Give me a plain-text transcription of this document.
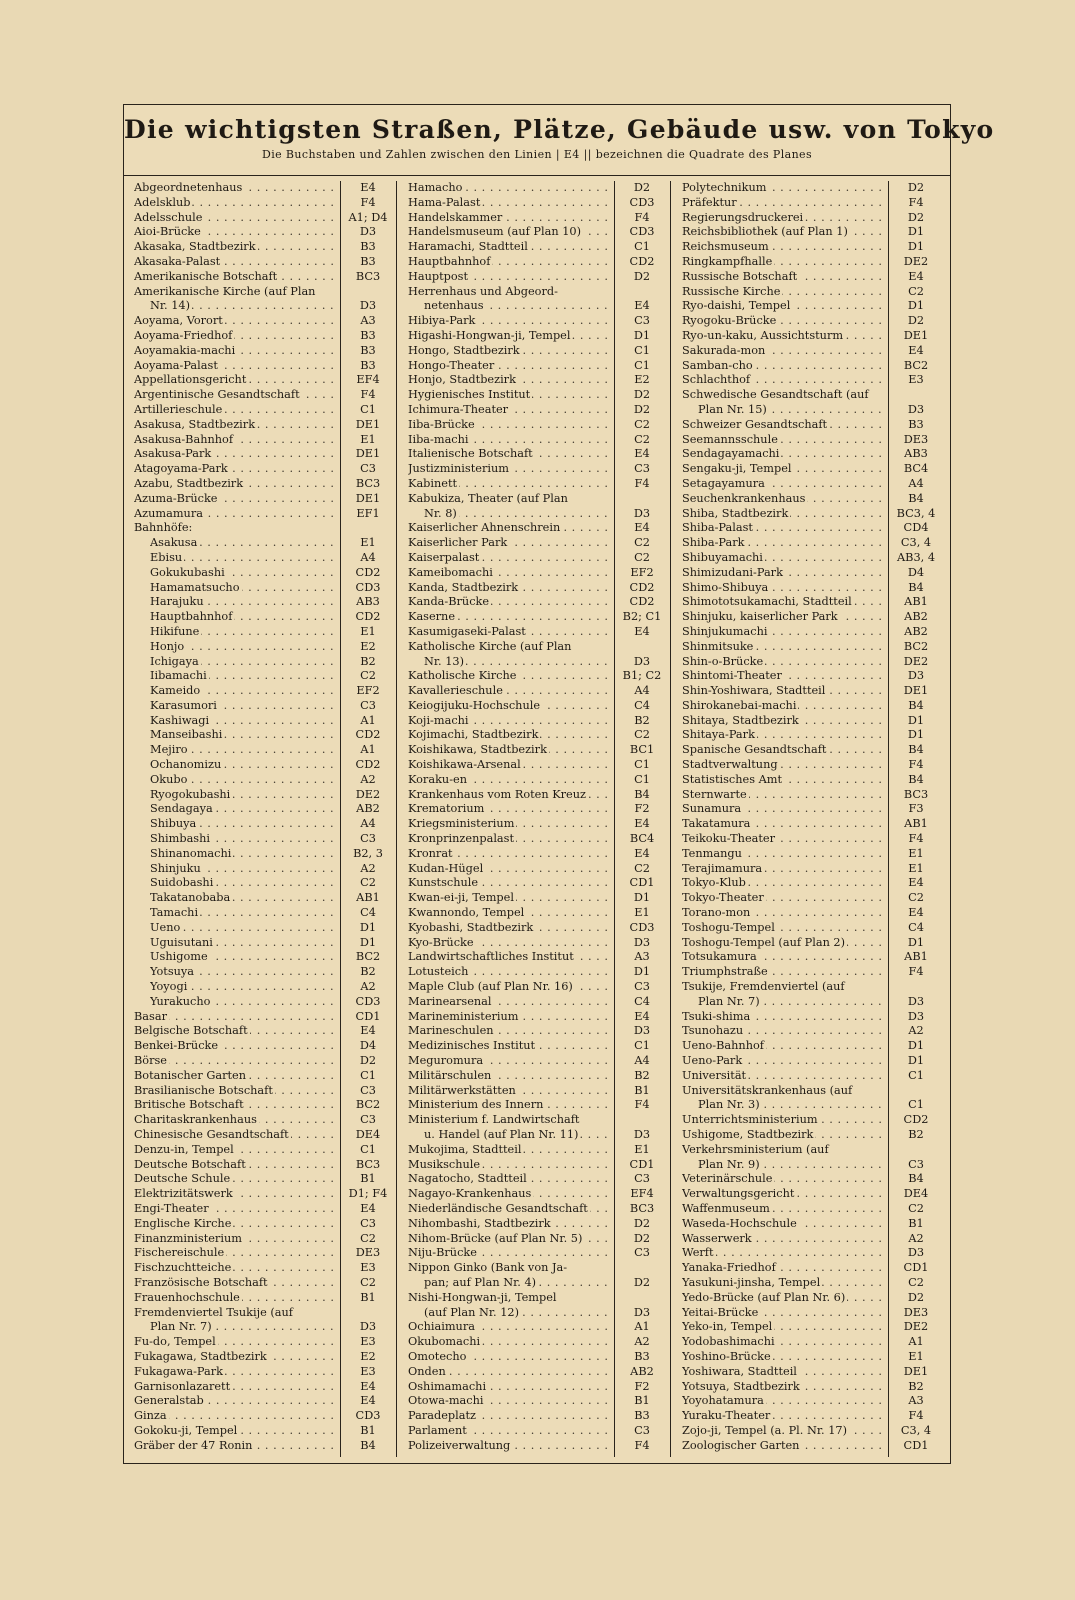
Die wichtigsten Straßen, Plätze, Gebäude usw. von Tokyo
Die Buchstaben und Zahlen zwischen den Linien | E4 || bezeichnen die Quadrate des Planes
Abgeordnetenhaus . . .	E4
Adelsklub . . .	F4
Adelsschule . . .	A1; D4
Aioi-Brücke . . .	D3
Akasaka, Stadtbezirk . . .	B3
Akasaka-Palast . . .	B3
Amerikanische Botschaft . . .	BC3
Amerikanische Kirche (auf Plan
Nr. 14) . . .	D3
Aoyama, Vorort . . .	A3
Aoyama-Friedhof . . .	B3
Aoyamakia-machi . . .	B3
Aoyama-Palast . . .	B3
Appellationsgericht . . .	EF4
Argentinische Gesandtschaft . . .	F4
Artillerieschule . . .	C1
Asakusa, Stadtbezirk . . .	DE1
Asakusa-Bahnhof . . .	E1
Asakusa-Park . . .	DE1
Atagoyama-Park . . .	C3
Azabu, Stadtbezirk . . .	BC3
Azuma-Brücke . . .	DE1
Azumamura . . .	EF1
Bahnhöfe:
Asakusa . . .	E1
Ebisu . . .	A4
Gokukubashi . . .	CD2
Hamamatsucho . . .	CD3
Harajuku . . .	AB3
Hauptbahnhof . . .	CD2
Hikifune . . .	E1
Honjo . . .	E2
Ichigaya . . .	B2
Iibamachi . . .	C2
Kameido . . .	EF2
Karasumori . . .	C3
Kashiwagi . . .	A1
Manseibashi . . .	CD2
Mejiro . . .	A1
Ochanomizu . . .	CD2
Okubo . . .	A2
Ryogokubashi . . .	DE2
Sendagaya . . .	AB2
Shibuya . . .	A4
Shimbashi . . .	C3
Shinanomachi . . .	B2, 3
Shinjuku . . .	A2
Suidobashi . . .	C2
Takatanobaba . . .	AB1
Tamachi . . .	C4
Ueno . . .	D1
Uguisutani . . .	D1
Ushigome . . .	BC2
Yotsuya . . .	B2
Yoyogi . . .	A2
Yurakucho . . .	CD3
Basar . . .	CD1
Belgische Botschaft . . .	E4
Benkei-Brücke . . .	D4
Börse . . .	D2
Botanischer Garten . . .	C1
Brasilianische Botschaft . . .	C3
Britische Botschaft . . .	BC2
Charitaskrankenhaus . . .	C3
Chinesische Gesandtschaft . . .	DE4
Denzu-in, Tempel . . .	C1
Deutsche Botschaft . . .	BC3
Deutsche Schule . . .	B1
Elektrizitätswerk . . .	D1; F4
Engi-Theater . . .	E4
Englische Kirche . . .	C3
Finanzministerium . . .	C2
Fischereischule . . .	DE3
Fischzuchtteiche . . .	E3
Französische Botschaft . . .	C2
Frauenhochschule . . .	B1
Fremdenviertel Tsukije (auf
Plan Nr. 7) . . .	D3
Fu-do, Tempel . . .	E3
Fukagawa, Stadtbezirk . . .	E2
Fukagawa-Park . . .	E3
Garnisonlazarett . . .	E4
Generalstab . . .	E4
Ginza . . .	CD3
Gokoku-ji, Tempel . . .	B1
Gräber der 47 Ronin . . .	B4
Hamacho . . .	D2
Hama-Palast . . .	CD3
Handelskammer . . .	F4
Handelsmuseum (auf Plan 10) . . .	CD3
Haramachi, Stadtteil . . .	C1
Hauptbahnhof . . .	CD2
Hauptpost . . .	D2
Herrenhaus und Abgeord-
netenhaus . . .	E4
Hibiya-Park . . .	C3
Higashi-Hongwan-ji, Tempel . . .	D1
Hongo, Stadtbezirk . . .	C1
Hongo-Theater . . .	C1
Honjo, Stadtbezirk . . .	E2
Hygienisches Institut . . .	D2
Ichimura-Theater . . .	D2
Iiba-Brücke . . .	C2
Iiba-machi . . .	C2
Italienische Botschaft . . .	E4
Justizministerium . . .	C3
Kabinett . . .	F4
Kabukiza, Theater (auf Plan
Nr. 8) . . .	D3
Kaiserlicher Ahnenschrein . . .	E4
Kaiserlicher Park . . .	C2
Kaiserpalast . . .	C2
Kameibomachi . . .	EF2
Kanda, Stadtbezirk . . .	CD2
Kanda-Brücke . . .	CD2
Kaserne . . .	B2; C1
Kasumigaseki-Palast . . .	E4
Katholische Kirche (auf Plan
Nr. 13) . . .	D3
Katholische Kirche . . .	B1; C2
Kavallerieschule . . .	A4
Keiogijuku-Hochschule . . .	C4
Koji-machi . . .	B2
Kojimachi, Stadtbezirk . . .	C2
Koishikawa, Stadtbezirk . . .	BC1
Koishikawa-Arsenal . . .	C1
Koraku-en . . .	C1
Krankenhaus vom Roten Kreuz . . .	B4
Krematorium . . .	F2
Kriegsministerium . . .	E4
Kronprinzenpalast . . .	BC4
Kronrat . . .	E4
Kudan-Hügel . . .	C2
Kunstschule . . .	CD1
Kwan-ei-ji, Tempel . . .	D1
Kwannondo, Tempel . . .	E1
Kyobashi, Stadtbezirk . . .	CD3
Kyo-Brücke . . .	D3
Landwirtschaftliches Institut . . .	A3
Lotusteich . . .	D1
Maple Club (auf Plan Nr. 16) . . .	C3
Marinearsenal . . .	C4
Marineministerium . . .	E4
Marineschulen . . .	D3
Medizinisches Institut . . .	C1
Meguromura . . .	A4
Militärschulen . . .	B2
Militärwerkstätten . . .	B1
Ministerium des Innern . . .	F4
Ministerium f. Landwirtschaft
u. Handel (auf Plan Nr. 11) . . .	D3
Mukojima, Stadtteil . . .	E1
Musikschule . . .	CD1
Nagatocho, Stadtteil . . .	C3
Nagayo-Krankenhaus . . .	EF4
Niederländische Gesandtschaft . . .	BC3
Nihombashi, Stadtbezirk . . .	D2
Nihom-Brücke (auf Plan Nr. 5) . . .	D2
Niju-Brücke . . .	C3
Nippon Ginko (Bank von Ja-
pan; auf Plan Nr. 4) . . .	D2
Nishi-Hongwan-ji, Tempel
(auf Plan Nr. 12) . . .	D3
Ochiaimura . . .	A1
Okubomachi . . .	A2
Omotecho . . .	B3
Onden . . .	AB2
Oshimamachi . . .	F2
Otowa-machi . . .	B1
Paradeplatz . . .	B3
Parlament . . .	C3
Polizeiverwaltung . . .	F4
Polytechnikum . . .	D2
Präfektur . . .	F4
Regierungsdruckerei . . .	D2
Reichsbibliothek (auf Plan 1) . . .	D1
Reichsmuseum . . .	D1
Ringkampfhalle . . .	DE2
Russische Botschaft . . .	E4
Russische Kirche . . .	C2
Ryo-daishi, Tempel . . .	D1
Ryogoku-Brücke . . .	D2
Ryo-un-kaku, Aussichtsturm . . .	DE1
Sakurada-mon . . .	E4
Samban-cho . . .	BC2
Schlachthof . . .	E3
Schwedische Gesandtschaft (auf
Plan Nr. 15) . . .	D3
Schweizer Gesandtschaft . . .	B3
Seemannsschule . . .	DE3
Sendagayamachi . . .	AB3
Sengaku-ji, Tempel . . .	BC4
Setagayamura . . .	A4
Seuchenkrankenhaus . . .	B4
Shiba, Stadtbezirk . . .	BC3, 4
Shiba-Palast . . .	CD4
Shiba-Park . . .	C3, 4
Shibuyamachi . . .	AB3, 4
Shimizudani-Park . . .	D4
Shimo-Shibuya . . .	B4
Shimototsukamachi, Stadtteil . . .	AB1
Shinjuku, kaiserlicher Park . . .	AB2
Shinjukumachi . . .	AB2
Shinmitsuke . . .	BC2
Shin-o-Brücke . . .	DE2
Shintomi-Theater . . .	D3
Shin-Yoshiwara, Stadtteil . . .	DE1
Shirokanebai-machi . . .	B4
Shitaya, Stadtbezirk . . .	D1
Shitaya-Park . . .	D1
Spanische Gesandtschaft . . .	B4
Stadtverwaltung . . .	F4
Statistisches Amt . . .	B4
Sternwarte . . .	BC3
Sunamura . . .	F3
Takatamura . . .	AB1
Teikoku-Theater . . .	F4
Tenmangu . . .	E1
Terajimamura . . .	E1
Tokyo-Klub . . .	E4
Tokyo-Theater . . .	C2
Torano-mon . . .	E4
Toshogu-Tempel . . .	C4
Toshogu-Tempel (auf Plan 2) . . .	D1
Totsukamura . . .	AB1
Triumphstraße . . .	F4
Tsukije, Fremdenviertel (auf
Plan Nr. 7) . . .	D3
Tsuki-shima . . .	D3
Tsunohazu . . .	A2
Ueno-Bahnhof . . .	D1
Ueno-Park . . .	D1
Universität . . .	C1
Universitätskrankenhaus (auf
Plan Nr. 3) . . .	C1
Unterrichtsministerium . . .	CD2
Ushigome, Stadtbezirk . . .	B2
Verkehrsministerium (auf
Plan Nr. 9) . . .	C3
Veterinärschule . . .	B4
Verwaltungsgericht . . .	DE4
Waffenmuseum . . .	C2
Waseda-Hochschule . . .	B1
Wasserwerk . . .	A2
Werft . . .	D3
Yanaka-Friedhof . . .	CD1
Yasukuni-jinsha, Tempel . . .	C2
Yedo-Brücke (auf Plan Nr. 6) . . .	D2
Yeitai-Brücke . . .	DE3
Yeko-in, Tempel . . .	DE2
Yodobashimachi . . .	A1
Yoshino-Brücke . . .	E1
Yoshiwara, Stadtteil . . .	DE1
Yotsuya, Stadtbezirk . . .	B2
Yoyohatamura . . .	A3
Yuraku-Theater . . .	F4
Zojo-ji, Tempel (a. Pl. Nr. 17) . . .	C3, 4
Zoologischer Garten . . .	CD1
